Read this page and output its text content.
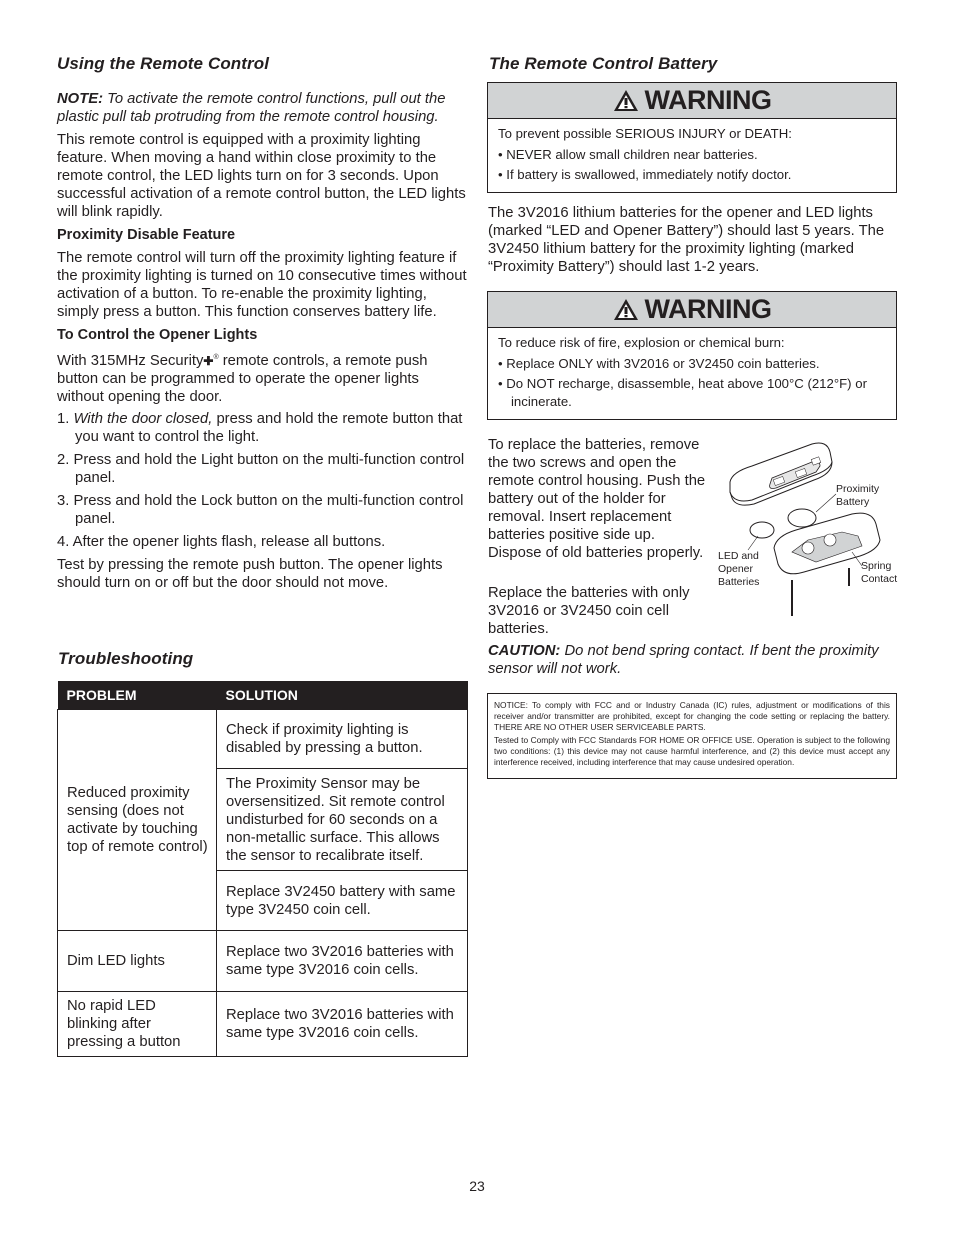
Using the Remote Control

NOTE: To activate the remote control functions, pull out the plastic pull tab protruding from the remote control housing.

This remote control is equipped with a proximity lighting feature. When moving a hand within close proximity to the remote control, the LED lights turn on for 3 seconds. Upon successful activation of a remote control button, the LED lights will blink rapidly.

Proximity Disable Feature

The remote control will turn off the proximity lighting feature if the proximity lighting is turned on 10 consecutive times without activation of a button. To re-enable the proximity lighting, simply press a button. This function conserves battery life.

To Control the Opener Lights

With 315MHz Security✚® remote controls, a remote push button can be programmed to operate the opener lights without opening the door.

1. With the door closed, press and hold the remote button that you want to control the light.
2. Press and hold the Light button on the multi-function control panel.
3. Press and hold the Lock button on the multi-function control panel.
4. After the opener lights flash, release all buttons.

Test by pressing the remote push button. The opener lights should turn on or off but the door should not move.

Troubleshooting
PROBLEM	SOLUTION
Reduced proximity sensing (does not activate by touching top of remote control)	Check if proximity lighting is disabled by pressing a button.
	The Proximity Sensor may be oversensitized. Sit remote control undisturbed for 60 seconds on a non-metallic surface. This allows the sensor to recalibrate itself.
	Replace 3V2450 battery with same type 3V2450 coin cell.
Dim LED lights	Replace two 3V2016 batteries with same type 3V2016 coin cells.
No rapid LED blinking after pressing a button	Replace two 3V2016 batteries with same type 3V2016 coin cells.
The Remote Control Battery
WARNING
To prevent possible SERIOUS INJURY or DEATH:
• NEVER allow small children near batteries.
• If battery is swallowed, immediately notify doctor.

The 3V2016 lithium batteries for the opener and LED lights (marked “LED and Opener Battery”) should last 5 years. The 3V2450 lithium battery for the proximity lighting (marked “Proximity Battery”) should last 1-2 years.

WARNING
To reduce risk of fire, explosion or chemical burn:
• Replace ONLY with 3V2016 or 3V2450 coin batteries.
• Do NOT recharge, disassemble, heat above 100°C (212°F) or incinerate.

To replace the batteries, remove the two screws and open the remote control housing. Push the battery out of the holder for removal. Insert replacement batteries positive side up. Dispose of old batteries properly.

Replace the batteries with only 3V2016 or 3V2450 coin cell batteries.

CAUTION: Do not bend spring contact. If bent the proximity sensor will not work.

Proximity
Battery
LED and
Opener
Batteries
Spring
Contact

NOTICE: To comply with FCC and or Industry Canada (IC) rules, adjustment or modifications of this receiver and/or transmitter are prohibited, except for changing the code setting or replacing the battery. THERE ARE NO OTHER USER SERVICEABLE PARTS.

Tested to Comply with FCC Standards FOR HOME OR OFFICE USE. Operation is subject to the following two conditions: (1) this device may not cause harmful interference, and (2) this device must accept any interference received, including interference that may cause undesired operation.

23
